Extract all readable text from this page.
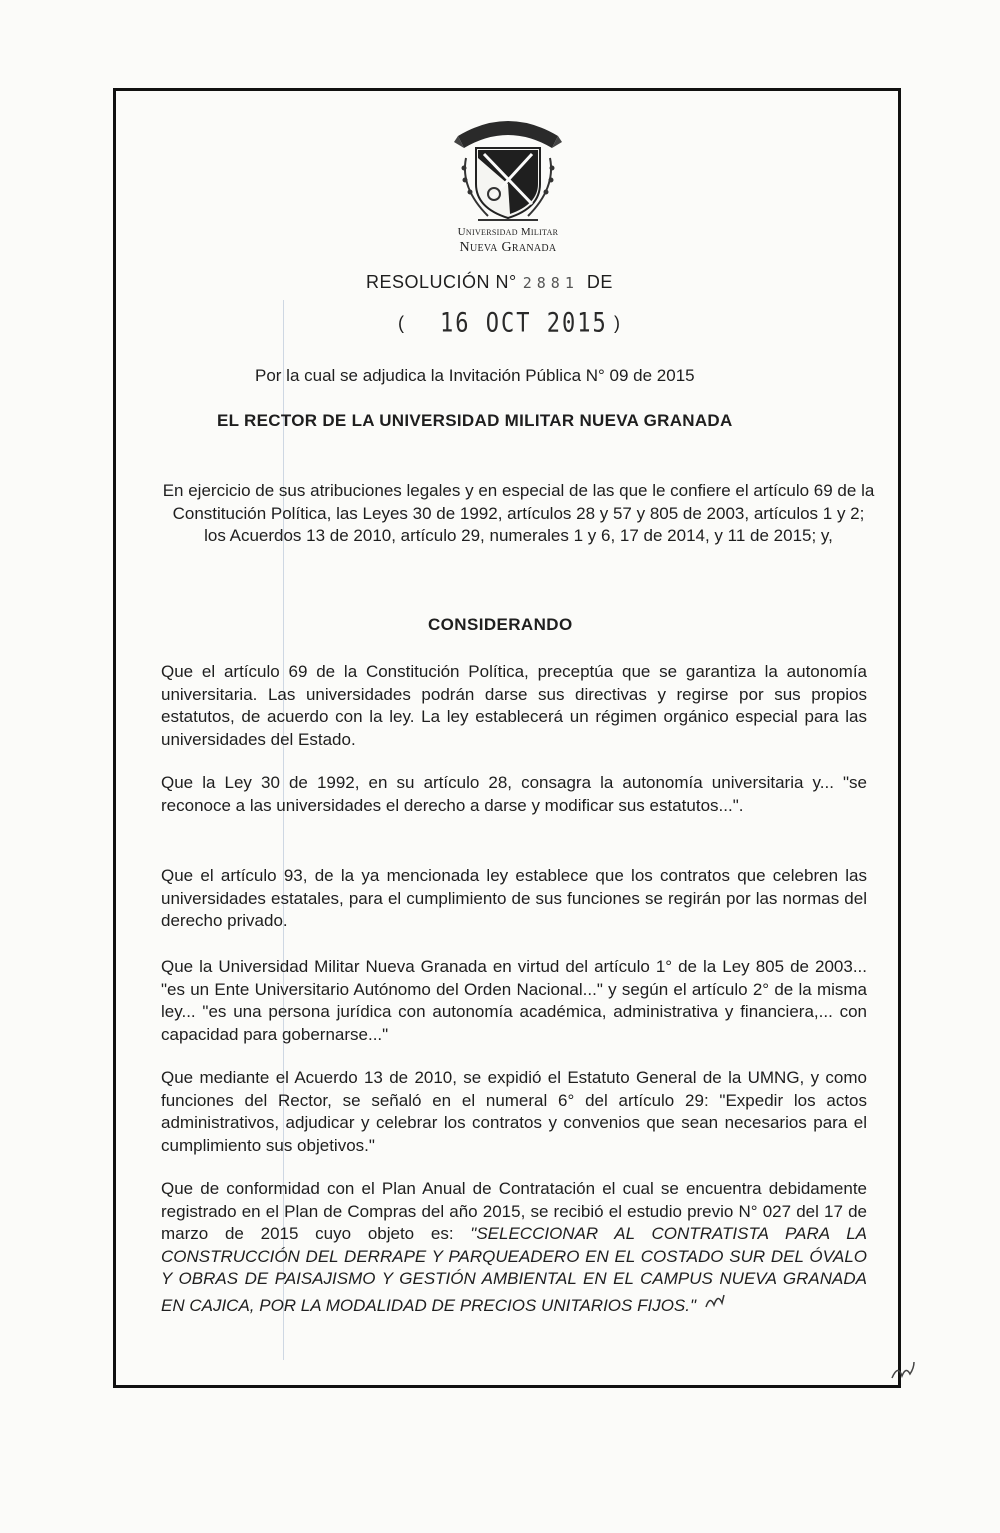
Universidad Militar
Nueva Granada
RESOLUCIÓN N° 2881 DE
( 16 OCT 2015 )
Por la cual se adjudica la Invitación Pública N° 09 de 2015
EL RECTOR DE LA UNIVERSIDAD MILITAR NUEVA GRANADA
En ejercicio de sus atribuciones legales y en especial de las que le confiere el artículo 69 de la Constitución Política, las Leyes 30 de 1992, artículos 28 y 57 y 805 de 2003, artículos 1 y 2; los Acuerdos 13 de 2010, artículo 29, numerales 1 y 6, 17 de 2014, y 11 de 2015; y,
CONSIDERANDO
Que el artículo 69 de la Constitución Política, preceptúa que se garantiza la autonomía universitaria. Las universidades podrán darse sus directivas y regirse por sus propios estatutos, de acuerdo con la ley. La ley establecerá un régimen orgánico especial para las universidades del Estado.
Que la Ley 30 de 1992, en su artículo 28, consagra la autonomía universitaria y... "se reconoce a las universidades el derecho a darse y modificar sus estatutos...".
Que el artículo 93, de la ya mencionada ley establece que los contratos que celebren las universidades estatales, para el cumplimiento de sus funciones se regirán por las normas del derecho privado.
Que la Universidad Militar Nueva Granada en virtud del artículo 1° de la Ley 805 de 2003... "es un Ente Universitario Autónomo del Orden Nacional..." y según el artículo 2° de la misma ley... "es una persona jurídica con autonomía académica, administrativa y financiera,... con capacidad para gobernarse..."
Que mediante el Acuerdo 13 de 2010, se expidió el Estatuto General de la UMNG, y como funciones del Rector, se señaló en el numeral 6° del artículo 29: "Expedir los actos administrativos, adjudicar y celebrar los contratos y convenios que sean necesarios para el cumplimiento sus objetivos."
Que de conformidad con el Plan Anual de Contratación el cual se encuentra debidamente registrado en el Plan de Compras del año 2015, se recibió el estudio previo N° 027 del 17 de marzo de 2015 cuyo objeto es: "SELECCIONAR AL CONTRATISTA PARA LA CONSTRUCCIÓN DEL DERRAPE Y PARQUEADERO EN EL COSTADO SUR DEL ÓVALO Y OBRAS DE PAISAJISMO Y GESTIÓN AMBIENTAL EN EL CAMPUS NUEVA GRANADA EN CAJICA, POR LA MODALIDAD DE PRECIOS UNITARIOS FIJOS."
